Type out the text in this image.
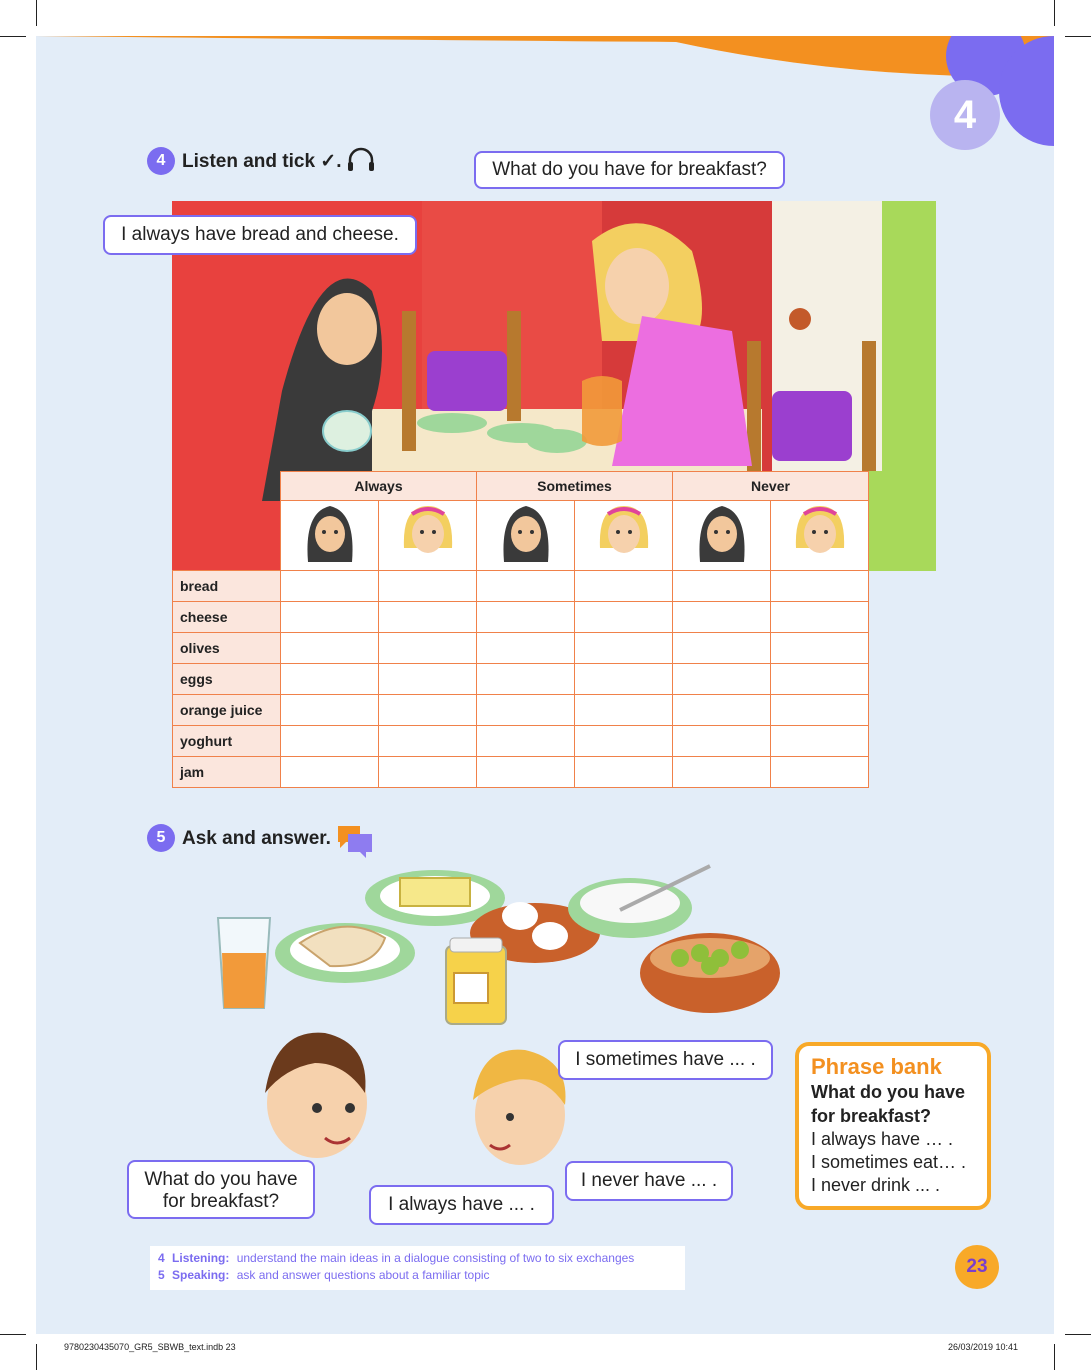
4
4 Listen and tick ✓.	What do you have for breakfast?
I always have bread and cheese.
	Always		Sometimes		Never	

bread						
cheese						
olives						
eggs						
orange juice						
yoghurt						
jam						
5 Ask and answer.
What do you have
for breakfast?
I sometimes have ... .
I always have ... .
I never have ... .
Phrase bank
What do you have
for breakfast?
I always have … .
I sometimes eat… .
I never drink ... .
4 Listening: understand the main ideas in a dialogue consisting of two to six exchanges
5 Speaking: ask and answer questions about a familiar topic	23
9780230435070_GR5_SBWB_text.indb 23	26/03/2019 10:41
